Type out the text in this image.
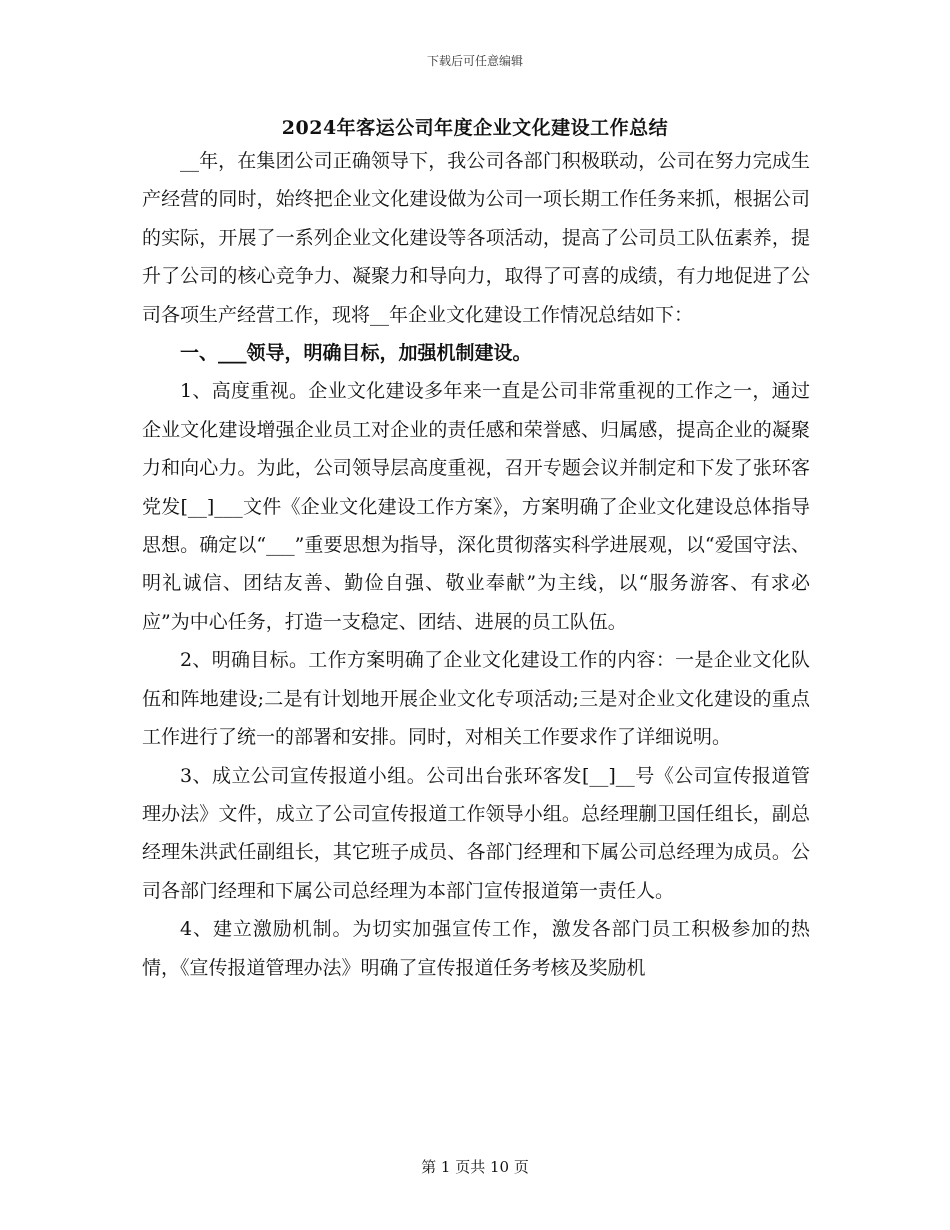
下载后可任意编辑
2024年客运公司年度企业文化建设工作总结

__年，在集团公司正确领导下，我公司各部门积极联动，公司在努力完成生产经营的同时，始终把企业文化建设做为公司一项长期工作任务来抓，根据公司的实际，开展了一系列企业文化建设等各项活动，提高了公司员工队伍素养，提升了公司的核心竞争力、凝聚力和导向力，取得了可喜的成绩，有力地促进了公司各项生产经营工作，现将__年企业文化建设工作情况总结如下：

一、___领导，明确目标，加强机制建设。

1、高度重视。企业文化建设多年来一直是公司非常重视的工作之一，通过企业文化建设增强企业员工对企业的责任感和荣誉感、归属感，提高企业的凝聚力和向心力。为此，公司领导层高度重视，召开专题会议并制定和下发了张环客党发[__]___文件《企业文化建设工作方案》，方案明确了企业文化建设总体指导思想。确定以“___”重要思想为指导，深化贯彻落实科学进展观，以“爱国守法、明礼诚信、团结友善、勤俭自强、敬业奉献”为主线，以“服务游客、有求必应”为中心任务，打造一支稳定、团结、进展的员工队伍。

2、明确目标。工作方案明确了企业文化建设工作的内容：一是企业文化队伍和阵地建设;二是有计划地开展企业文化专项活动;三是对企业文化建设的重点工作进行了统一的部署和安排。同时，对相关工作要求作了详细说明。

3、成立公司宣传报道小组。公司出台张环客发[__]__号《公司宣传报道管理办法》文件，成立了公司宣传报道工作领导小组。总经理蒯卫国任组长，副总经理朱洪武任副组长，其它班子成员、各部门经理和下属公司总经理为成员。公司各部门经理和下属公司总经理为本部门宣传报道第一责任人。

4、建立激励机制。为切实加强宣传工作，激发各部门员工积极参加的热情，《宣传报道管理办法》明确了宣传报道任务考核及奖励机

第 1 页共 10 页
